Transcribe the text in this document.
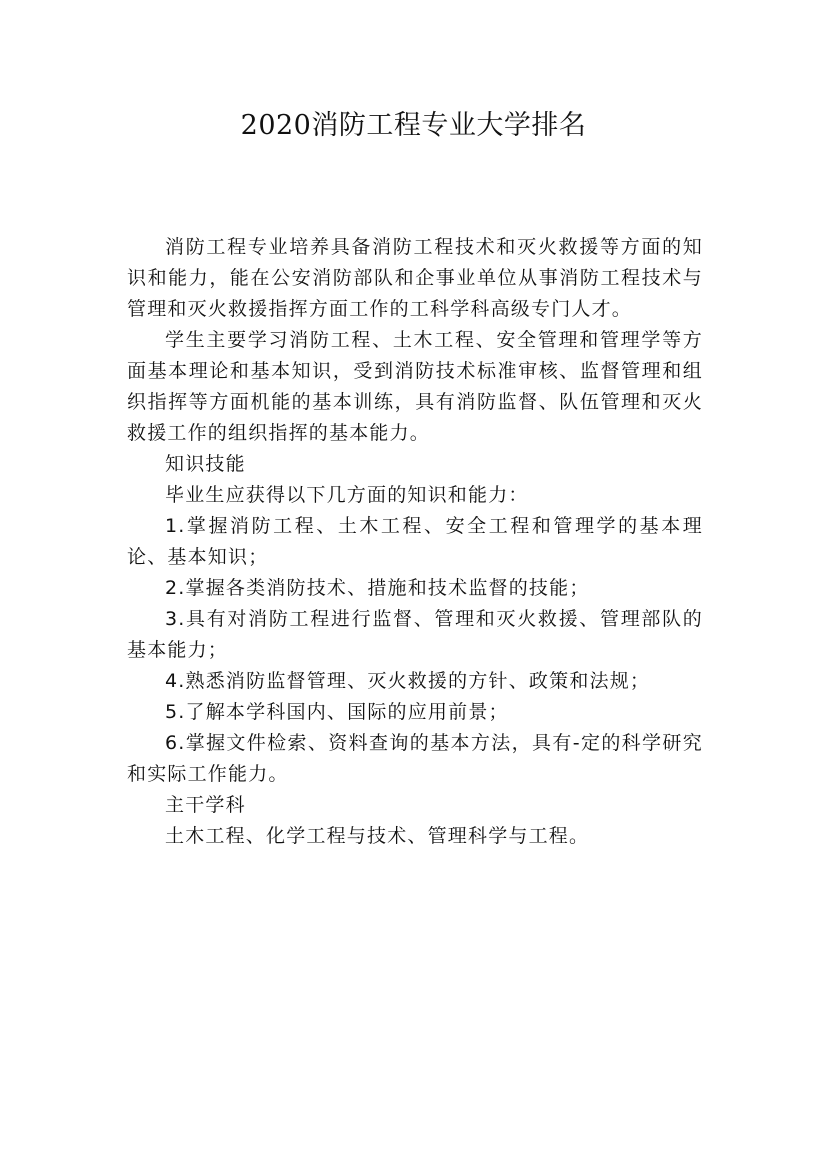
2020消防工程专业大学排名

消防工程专业培养具备消防工程技术和灭火救援等方面的知识和能力，能在公安消防部队和企事业单位从事消防工程技术与管理和灭火救援指挥方面工作的工科学科高级专门人才。

学生主要学习消防工程、土木工程、安全管理和管理学等方面基本理论和基本知识，受到消防技术标准审核、监督管理和组织指挥等方面机能的基本训练，具有消防监督、队伍管理和灭火救援工作的组织指挥的基本能力。

知识技能

毕业生应获得以下几方面的知识和能力：

1.掌握消防工程、土木工程、安全工程和管理学的基本理论、基本知识；

2.掌握各类消防技术、措施和技术监督的技能；

3.具有对消防工程进行监督、管理和灭火救援、管理部队的基本能力；

4.熟悉消防监督管理、灭火救援的方针、政策和法规；

5.了解本学科国内、国际的应用前景；

6.掌握文件检索、资料查询的基本方法，具有-定的科学研究和实际工作能力。

主干学科

土木工程、化学工程与技术、管理科学与工程。
